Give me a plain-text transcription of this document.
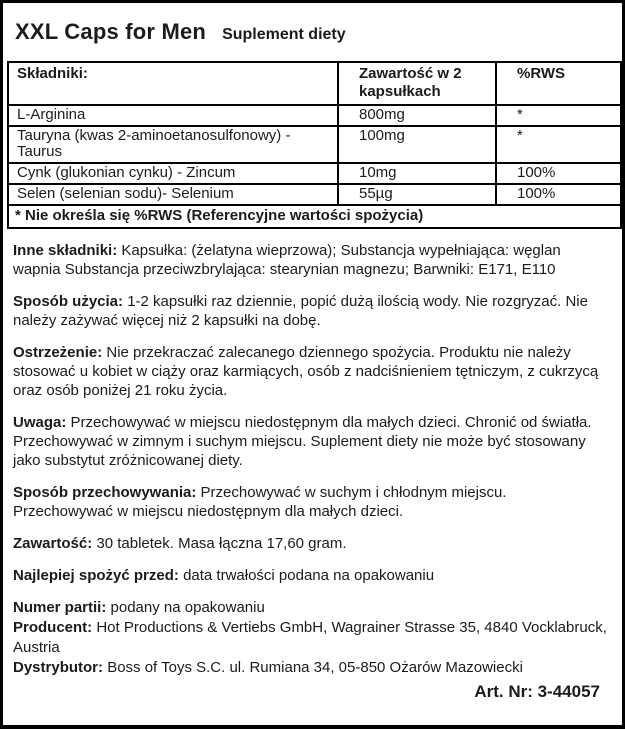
XXL Caps for Men Suplement diety
Składniki:	Zawartość w 2 kapsułkach	%RWS
L-Arginina	800mg	*
Tauryna (kwas 2-aminoetanosulfonowy) - Taurus	100mg	*
Cynk (glukonian cynku) - Zincum	10mg	100%
Selen (selenian sodu)- Selenium	55µg	100%
* Nie określa się %RWS (Referencyjne wartości spożycia)		

Inne składniki: Kapsułka: (żelatyna wieprzowa); Substancja wypełniająca: węglan wapnia Substancja przeciwzbrylająca: stearynian magnezu; Barwniki: E171, E110

Sposób użycia: 1-2 kapsułki raz dziennie, popić dużą ilością wody. Nie rozgryzać. Nie należy zażywać więcej niż 2 kapsułki na dobę.

Ostrzeżenie: Nie przekraczać zalecanego dziennego spożycia. Produktu nie należy stosować u kobiet w ciąży oraz karmiących, osób z nadciśnieniem tętniczym, z cukrzycą oraz osób poniżej 21 roku życia.

Uwaga: Przechowywać w miejscu niedostępnym dla małych dzieci. Chronić od światła. Przechowywać w zimnym i suchym miejscu. Suplement diety nie może być stosowany jako substytut zróżnicowanej diety.

Sposób przechowywania: Przechowywać w suchym i chłodnym miejscu. Przechowywać w miejscu niedostępnym dla małych dzieci.

Zawartość: 30 tabletek. Masa łączna 17,60 gram.

Najlepiej spożyć przed: data trwałości podana na opakowaniu

Numer partii: podany na opakowaniu
Producent: Hot Productions & Vertiebs GmbH, Wagrainer Strasse 35, 4840 Vocklabruck, Austria
Dystrybutor: Boss of Toys S.C. ul. Rumiana 34, 05-850 Ożarów Mazowiecki
Art. Nr: 3-44057
